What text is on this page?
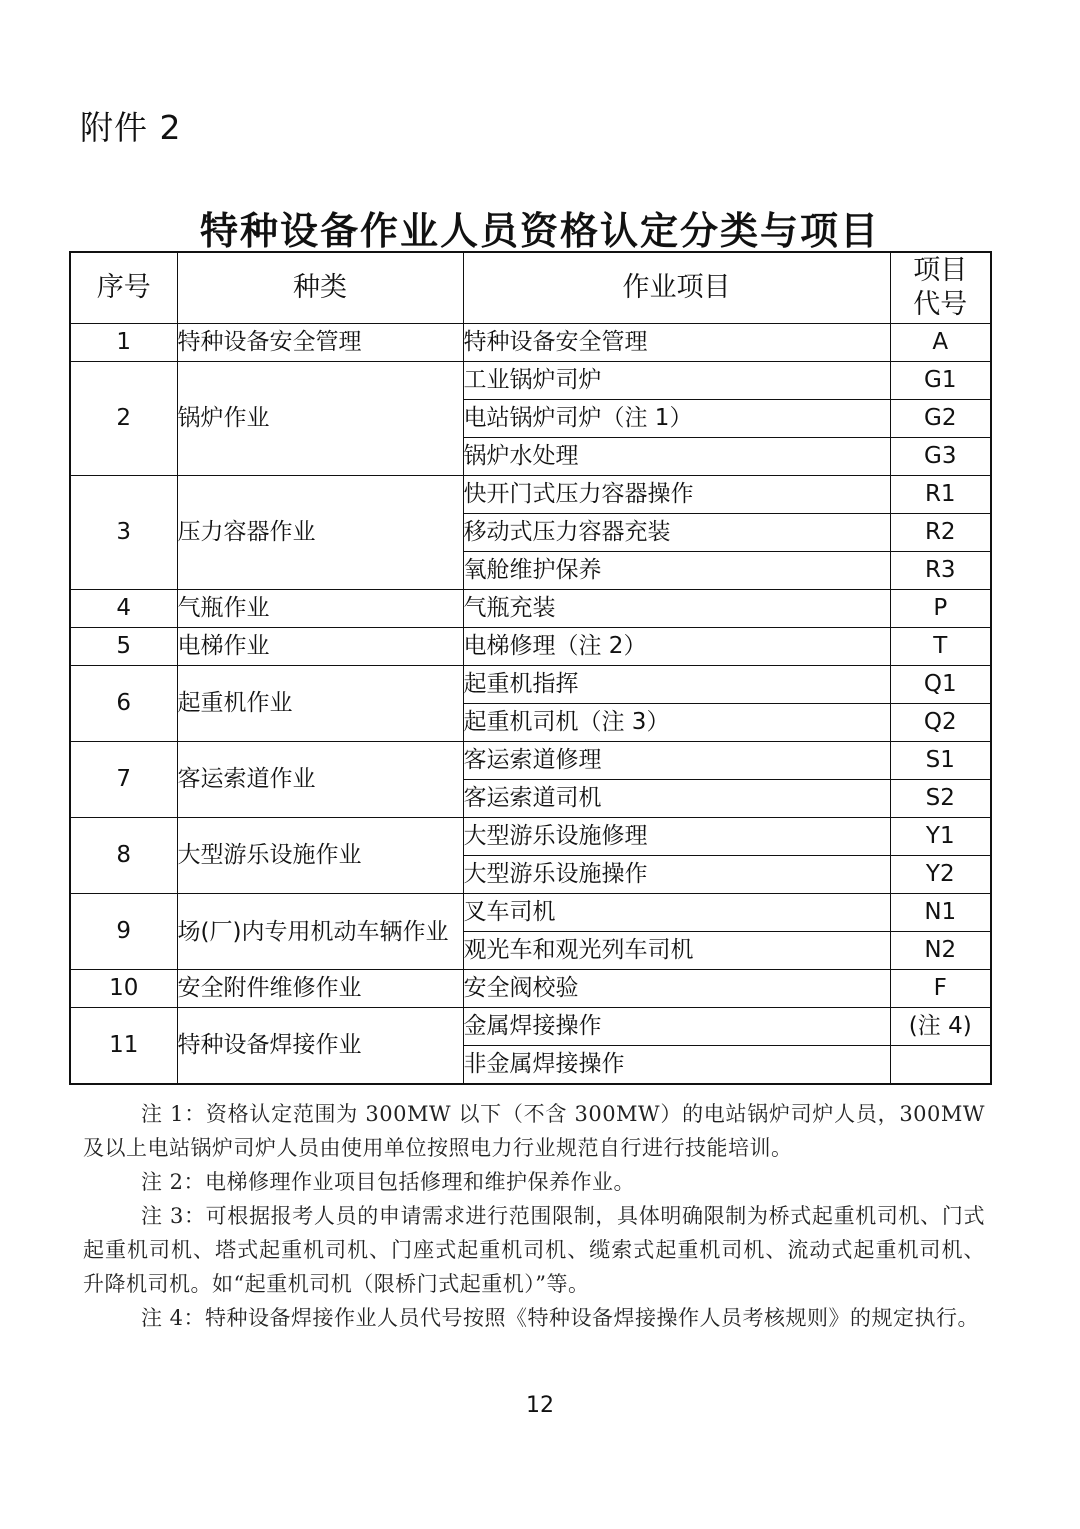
附件 2
特种设备作业人员资格认定分类与项目
序号	种类	作业项目	项目
代号

1	特种设备安全管理	特种设备安全管理	A
2	锅炉作业	工业锅炉司炉	G1
		电站锅炉司炉（注 1）	G2
		锅炉水处理	G3
3	压力容器作业	快开门式压力容器操作	R1
		移动式压力容器充装	R2
		氧舱维护保养	R3
4	气瓶作业	气瓶充装	P
5	电梯作业	电梯修理（注 2）	T
6	起重机作业	起重机指挥	Q1
		起重机司机（注 3）	Q2
7	客运索道作业	客运索道修理	S1
		客运索道司机	S2
8	大型游乐设施作业	大型游乐设施修理	Y1
		大型游乐设施操作	Y2
9	场(厂)内专用机动车辆作业	叉车司机	N1
		观光车和观光列车司机	N2
10	安全附件维修作业	安全阀校验	F
11	特种设备焊接作业	金属焊接操作	(注 4)
		非金属焊接操作	

注 1：资格认定范围为 300MW 以下（不含 300MW）的电站锅炉司炉人员，300MW 及以上电站锅炉司炉人员由使用单位按照电力行业规范自行进行技能培训。

注 2：电梯修理作业项目包括修理和维护保养作业。

注 3：可根据报考人员的申请需求进行范围限制，具体明确限制为桥式起重机司机、门式起重机司机、塔式起重机司机、门座式起重机司机、缆索式起重机司机、流动式起重机司机、升降机司机。如“起重机司机（限桥门式起重机）”等。

注 4：特种设备焊接作业人员代号按照《特种设备焊接操作人员考核规则》的规定执行。

12
